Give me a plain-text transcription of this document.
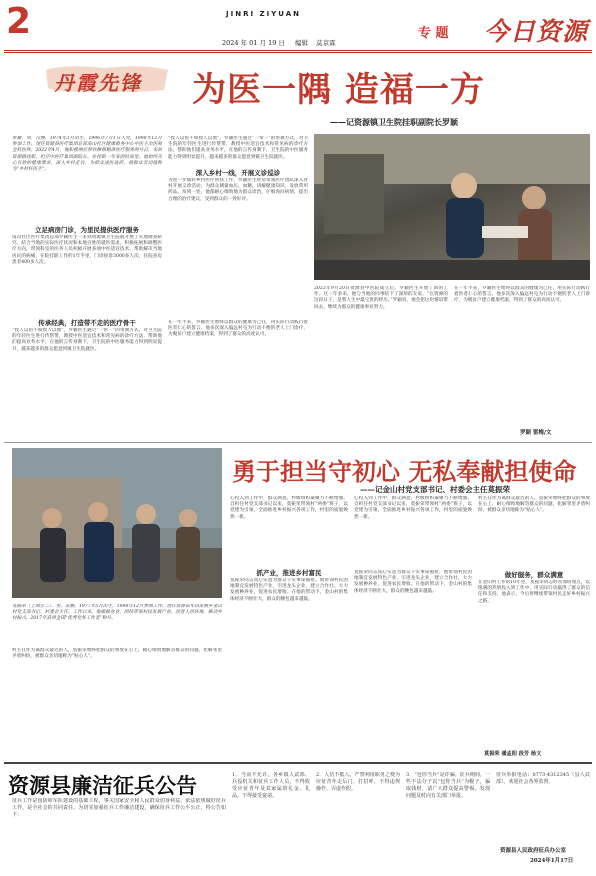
2	JINRI ZIYUAN
2024 年 01 月 19 日 编辑 莫京霖
专 题 今日资源
丹霞先锋 为医一隅 造福一方
——记资源镇卫生院挂职副院长罗颖
罗颖，男，汉族，1974年3月出生，1996年7月1日入党，1998年12月参加工作，现任资源县医疗集团总部南山社区健康服务中心中医主治医师全科医师。2022年4月，他积极响应帮扶维修精准医疗服务的号召，来到资源镇挂职，担任中医疗集团副院长。在挂职一年多的时间里，他始终关心百姓的健康需求，深入乡村走访，为群众送医送药，被群众亲切地称为“乡村好医生”。
立足病房门诊，为里民提供医疗服务
南山社区医疗集团总部罗颖医生一来到资源镇卫生院就开展了实地调查研究，结合当地的实际医疗状况和本地百姓的就医需求，积极拓展和调整医疗方向，带领科室的医务人员积极开展多项中医适宜技术，帮助解决当地居民的病痛，在院挂职工作的1年半里，门诊接诊3000多人次，住院查房患者400多人次。
传承经典，打造带不走的医疗骨干
“授人以鱼不如授人以渔”。罗颖医生通过“一带一”的带教方式，对卫生院的年轻医生进行传帮带，教授中医适宜技术和常见病的诊疗方法，帮助他们提高业务水平。在他的言传身教下，卫生院的中医服务能力得到明显提升，越来越多的群众愿意到镇卫生院就医。
“授人以鱼不如授人以渔”。罗颖医生通过“一带一”的带教方式，对卫生院的年轻医生进行传帮带，教授中医适宜技术和常见病的诊疗方法，帮助他们提高业务水平。在他的言传身教下，卫生院的中医服务能力得到明显提升，越来越多的群众愿意到镇卫生院就医。
深入乡村一线，开展义诊巡诊
为进一步做好乡村医疗帮扶工作，罗颖医生经常带领医疗团队深入各村开展义诊活动，为群众测量血压、血糖，讲解健康知识，发放常用药品。每到一处，他都耐心细致地为群众诊治，仔细询问病情，提出合理的治疗建议，受到群众的一致好评。
在一年半来，罗颖医生始终以群众的健康为己任，用实际行动践行着医者仁心的誓言。他多次深入偏远村屯为行动不便的老人上门诊疗，为脱贫户建立健康档案，得到了群众的高度认可。
2023年9月20日资源县中医院成立后，罗颖医生开始了新的工作。这一年多来，他与当地的同事结下了深厚的友谊。“在资源的这段日子，是我人生中最宝贵的经历。”罗颖说，他会把这份情谊带回去，继续为群众的健康事业努力。
在一年半来，罗颖医生始终以群众的健康为己任，用实际行动践行着医者仁心的誓言。他多次深入偏远村屯为行动不便的老人上门诊疗，为脱贫户建立健康档案，得到了群众的高度认可。
罗颖 雷梅/文
勇于担当守初心 无私奉献担使命
——记金山村党支部书记、村委会主任莫振荣
莫振荣（上图左二），男，苗族，1977年5月出生，1998年12月参加工作，现任资源县车田苗族乡金山村党支部书记、村委会主任。工作以来，他兢兢业业，团结带领村民发展产业，改善人居环境，推动乡村振兴，2017年获得全国“优秀党务工作者”称号。
村主任作为离群众最近的人，莫振荣始终把群众的事放在心上，耐心细致地解答群众的问题，化解邻里矛盾纠纷，被群众亲切地称为“贴心人”。
心投入到工作中，群众满意，村级组织凝聚力不断增强。自担任村党支部书记以来，莫振荣带领村“两委”班子，以党建为引领，全面推进乡村振兴各项工作，村里的面貌焕然一新。
心投入到工作中，群众满意，村级组织凝聚力不断增强。自担任村党支部书记以来，莫振荣带领村“两委”班子，以党建为引领，全面推进乡村振兴各项工作，村里的面貌焕然一新。
村主任作为离群众最近的人，莫振荣始终把群众的事放在心上，耐心细致地解答群众的问题，化解邻里矛盾纠纷，被群众亲切地称为“贴心人”。
抓产业，推进乡村富民
莫振荣同志真心实意为群众干实事谋福祉。他带领村民因地制宜发展特色产业，引进龙头企业，建立合作社，大力发展种养业，促进农民增收。在他的带动下，金山村的集体经济不断壮大，群众的腰包越来越鼓。
莫振荣同志真心实意为群众干实事谋福祉。他带领村民因地制宜发展特色产业，引进龙头企业，建立合作社，大力发展种养业，促进农民增收。在他的带动下，金山村的集体经济不断壮大，群众的腰包越来越鼓。
做好服务，群众满意
在金山村工作的10年里，莫振荣同志经常加班加点，以饱满的热情投入到工作中，用实际行动赢得了群众的信任和支持。他表示，今后将继续带领村民走好乡村振兴之路。
莫振荣 潘孟阳 段芳 杨文
资源县廉洁征兵公告
征兵工作是国防和军队建设的基础工程，事关国家安全和人民群众切身利益。依法依规做好征兵工作，是全社会的共同责任。为切实加强征兵工作廉洁建设，确保征兵工作公平公正，特公告如下：
1．当前不允许。各乡镇人武部、兵役机关和征兵工作人员，不得收受应征青年及其家属的礼金、礼品，不得接受宴请。
2．人伍不抵人。严禁利用职务之便为应征青年走后门、打招呼，不得违规操作、弄虚作假。
3．“包你当兵”是诈骗。征兵期间，一些不法分子以“包你当兵”为幌子，骗取钱财，请广大群众提高警惕，发现问题及时向有关部门举报。
征兵举报电话：0773-4312345（县人武部）。欢迎社会各界监督。
资源县人民政府征兵办公室
2024年1月17日
